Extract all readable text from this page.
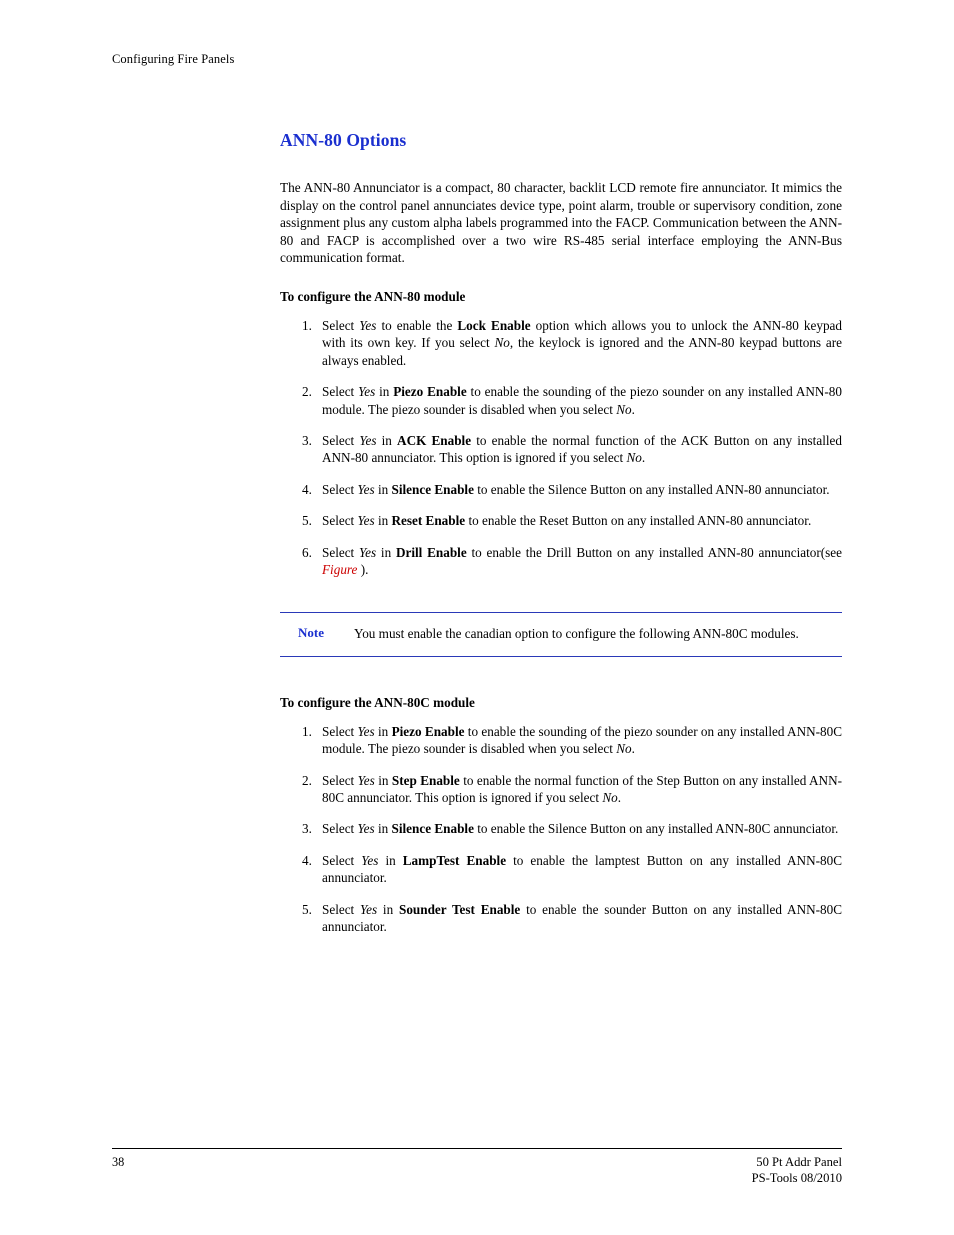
Configuring Fire Panels
ANN-80 Options

The ANN-80 Annunciator is a compact, 80 character, backlit LCD remote fire annunciator. It mimics the display on the control panel annunciates device type, point alarm, trouble or supervisory condition, zone assignment plus any custom alpha labels programmed into the FACP. Communication between the ANN-80 and FACP is accomplished over a two wire RS-485 serial interface employing the ANN-Bus communication format.

To configure the ANN-80 module
1. Select Yes to enable the Lock Enable option which allows you to unlock the ANN-80 keypad with its own key. If you select No, the keylock is ignored and the ANN-80 keypad buttons are always enabled.
2. Select Yes in Piezo Enable to enable the sounding of the piezo sounder on any installed ANN-80 module. The piezo sounder is disabled when you select No.
3. Select Yes in ACK Enable to enable the normal function of the ACK Button on any installed ANN-80 annunciator. This option is ignored if you select No.
4. Select Yes in Silence Enable to enable the Silence Button on any installed ANN-80 annunciator.
5. Select Yes in Reset Enable to enable the Reset Button on any installed ANN-80 annunciator.
6. Select Yes in Drill Enable to enable the Drill Button on any installed ANN-80 annunciator(see Figure ).
Note	You must enable the canadian option to configure the following ANN-80C modules.
To configure the ANN-80C module
1. Select Yes in Piezo Enable to enable the sounding of the piezo sounder on any installed ANN-80C module. The piezo sounder is disabled when you select No.
2. Select Yes in Step Enable to enable the normal function of the Step Button on any installed ANN-80C annunciator. This option is ignored if you select No.
3. Select Yes in Silence Enable to enable the Silence Button on any installed ANN-80C annunciator.
4. Select Yes in LampTest Enable to enable the lamptest Button on any installed ANN-80C annunciator.
5. Select Yes in Sounder Test Enable to enable the sounder Button on any installed ANN-80C annunciator.
38	50 Pt Addr Panel
PS-Tools 08/2010
